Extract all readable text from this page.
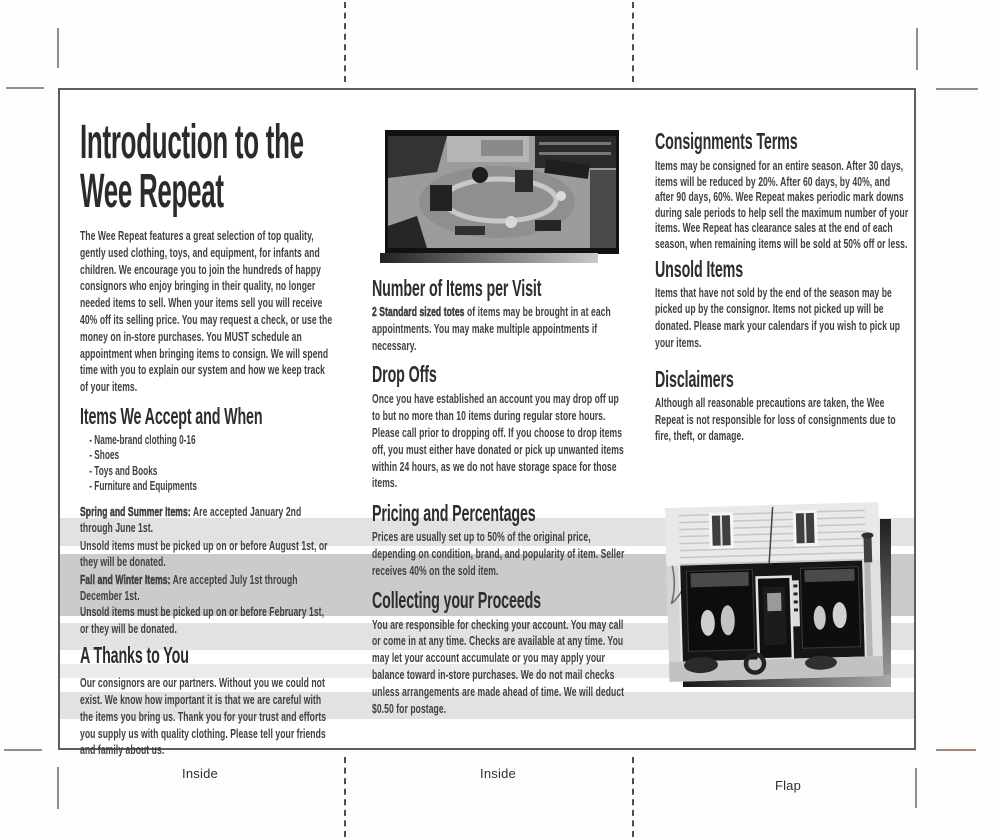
Inside	Inside
Flap
Introduction to the
Wee Repeat
The Wee Repeat features a great selection of top quality, gently used clothing, toys, and equipment, for infants and children. We encourage you to join the hundreds of happy consignors who enjoy bringing in their quality, no longer needed items to sell. When your items sell you will receive 40% off its selling price. You may request a check, or use the money on in-store purchases. You MUST schedule an appointment when bringing items to consign. We will spend time with you to explain our system and how we keep track of your items.
Items We Accept and When
- Name-brand clothing 0-16
- Shoes
- Toys and Books
- Furniture and Equipments
Spring and Summer Items: Are accepted January 2nd through June 1st.
Unsold items must be picked up on or before August 1st, or they will be donated.
Fall and Winter Items: Are accepted July 1st through December 1st.
Unsold items must be picked up on or before February 1st, or they will be donated.
A Thanks to You
Our consignors are our partners. Without you we could not exist. We know how important it is that we are careful with the items you bring us. Thank you for your trust and efforts you supply us with quality clothing. Please tell your friends and family about us.
Number of Items per Visit
2 Standard sized totes of items may be brought in at each appointments. You may make multiple appointments if necessary.
Drop Offs
Once you have established an account you may drop off up to but no more than 10 items during regular store hours. Please call prior to dropping off. If you choose to drop items off, you must either have donated or pick up unwanted items within 24 hours, as we do not have storage space for those items.
Pricing and Percentages
Prices are usually set up to 50% of the original price, depending on condition, brand, and popularity of item. Seller receives 40% on the sold item.
Collecting your Proceeds
You are responsible for checking your account. You may call or come in at any time. Checks are available at any time. You may let your account accumulate or you may apply your balance toward in-store purchases. We do not mail checks unless arrangements are made ahead of time. We will deduct $0.50 for postage.
Consignments Terms
Items may be consigned for an entire season. After 30 days, items will be reduced by 20%. After 60 days, by 40%, and after 90 days, 60%. Wee Repeat makes periodic mark downs during sale periods to help sell the maximum number of your items. Wee Repeat has clearance sales at the end of each season, when remaining items will be sold at 50% off or less.
Unsold Items
Items that have not sold by the end of the season may be picked up by the consignor. Items not picked up will be donated. Please mark your calendars if you wish to pick up your items.
Disclaimers
Although all reasonable precautions are taken, the Wee Repeat is not responsible for loss of consignments due to fire, theft, or damage.
